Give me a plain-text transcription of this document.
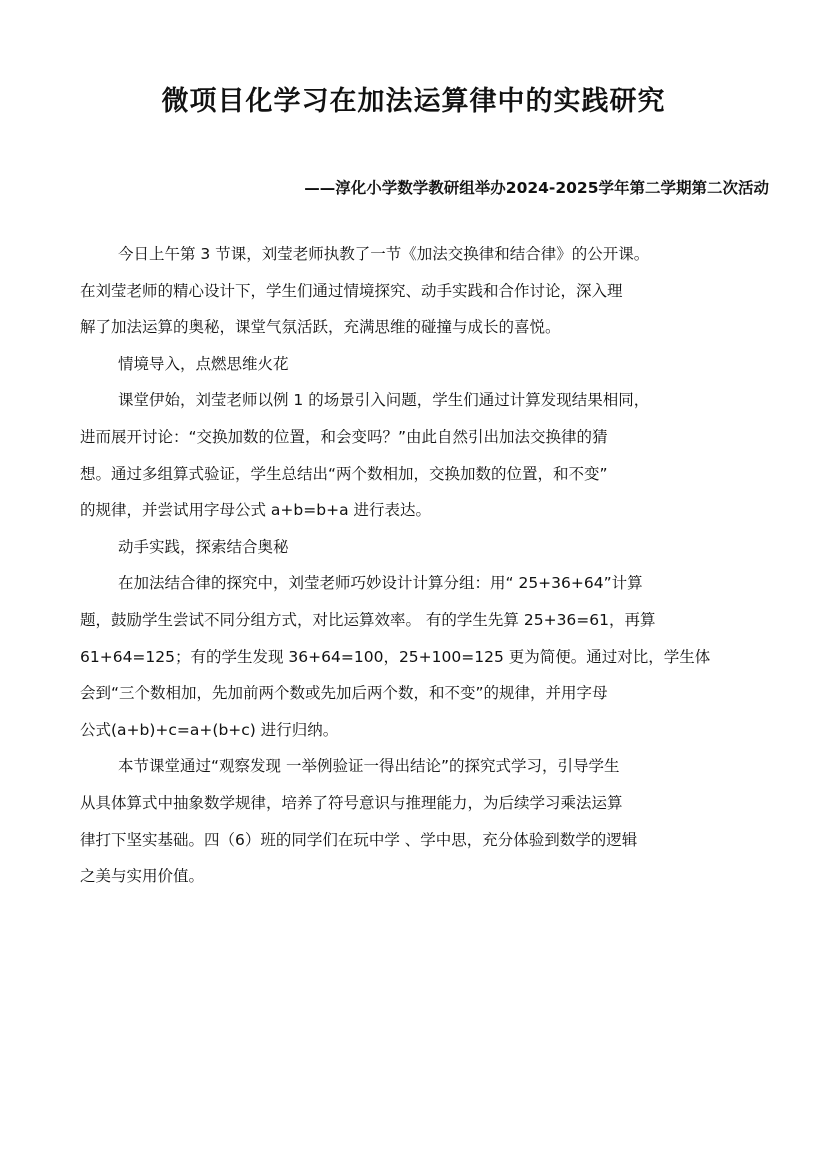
微项目化学习在加法运算律中的实践研究
——淳化小学数学教研组举办2024-2025学年第二学期第二次活动
今日上午第 3 节课，刘莹老师执教了一节《加法交换律和结合律》的公开课。
在刘莹老师的精心设计下，学生们通过情境探究、动手实践和合作讨论，深入理
解了加法运算的奥秘，课堂气氛活跃，充满思维的碰撞与成长的喜悦。
情境导入，点燃思维火花
课堂伊始，刘莹老师以例 1 的场景引入问题，学生们通过计算发现结果相同，
进而展开讨论：“交换加数的位置，和会变吗？”由此自然引出加法交换律的猜
想。通过多组算式验证，学生总结出“两个数相加，交换加数的位置，和不变”
的规律，并尝试用字母公式 a+b=b+a 进行表达。
动手实践，探索结合奥秘
在加法结合律的探究中，刘莹老师巧妙设计计算分组：用“ 25+36+64”计算
题，鼓励学生尝试不同分组方式，对比运算效率。 有的学生先算 25+36=61，再算
61+64=125；有的学生发现 36+64=100，25+100=125 更为简便。通过对比，学生体
会到“三个数相加，先加前两个数或先加后两个数，和不变”的规律，并用字母
公式(a+b)+c=a+(b+c) 进行归纳。
本节课堂通过“观察发现 一举例验证一得出结论”的探究式学习，引导学生
从具体算式中抽象数学规律，培养了符号意识与推理能力，为后续学习乘法运算
律打下坚实基础。四（6）班的同学们在玩中学 、学中思，充分体验到数学的逻辑
之美与实用价值。
